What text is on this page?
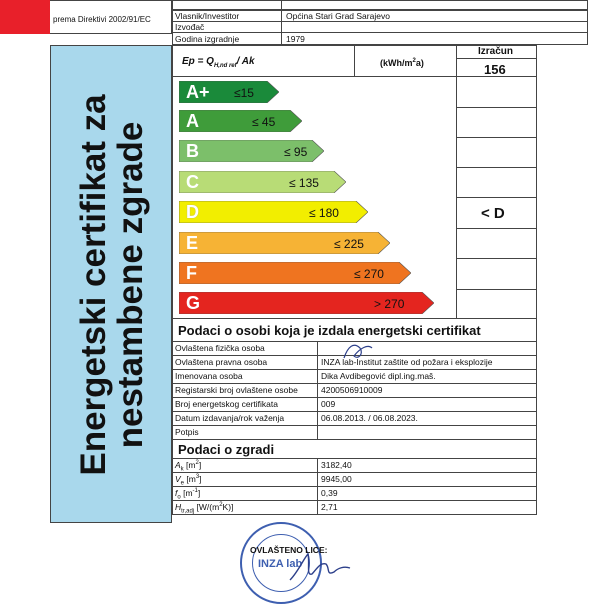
prema Direktivi 2002/91/EC	Vlasnik/Investitor	Općina Stari Grad Sarajevo
Izvođač
Godina izgradnje	1979
Energetski certifikat za
nestambene zgrade
$Ep = Q_{H,nd ref}/$ Ak	$(kWh/m^2a)$
Izračun
156
A+ ≤15
A	≤ 45
B	≤ 95
C	≤ 135
D	≤ 180
E	≤ 225
F	≤ 270
G	> 270
< D
Podaci o osobi koja je izdala energetski certifikat
Ovlaštena fizička osoba
Ovlaštena pravna osoba	INZA lab-Institut zaštite od požara i eksplozije
Imenovana osoba	Dika Avdibegović dipl.ing.maš.
Registarski broj ovlaštene osobe	4200506910009
Broj energetskog certifikata	009
Datum izdavanja/rok važenja	06.08.2013. / 06.08.2023.
Potpis
Podaci o zgradi
$A_k$ $[m^2]$	3182,40
$V_e$ $[m^3]$	9945,00
$f_o$ $[m^{-1}]$	0,39
$H_{tr,adj}$ $[W/(m^2K)]$	2,71
OVLAŠTENO LICE:
INZA lab
